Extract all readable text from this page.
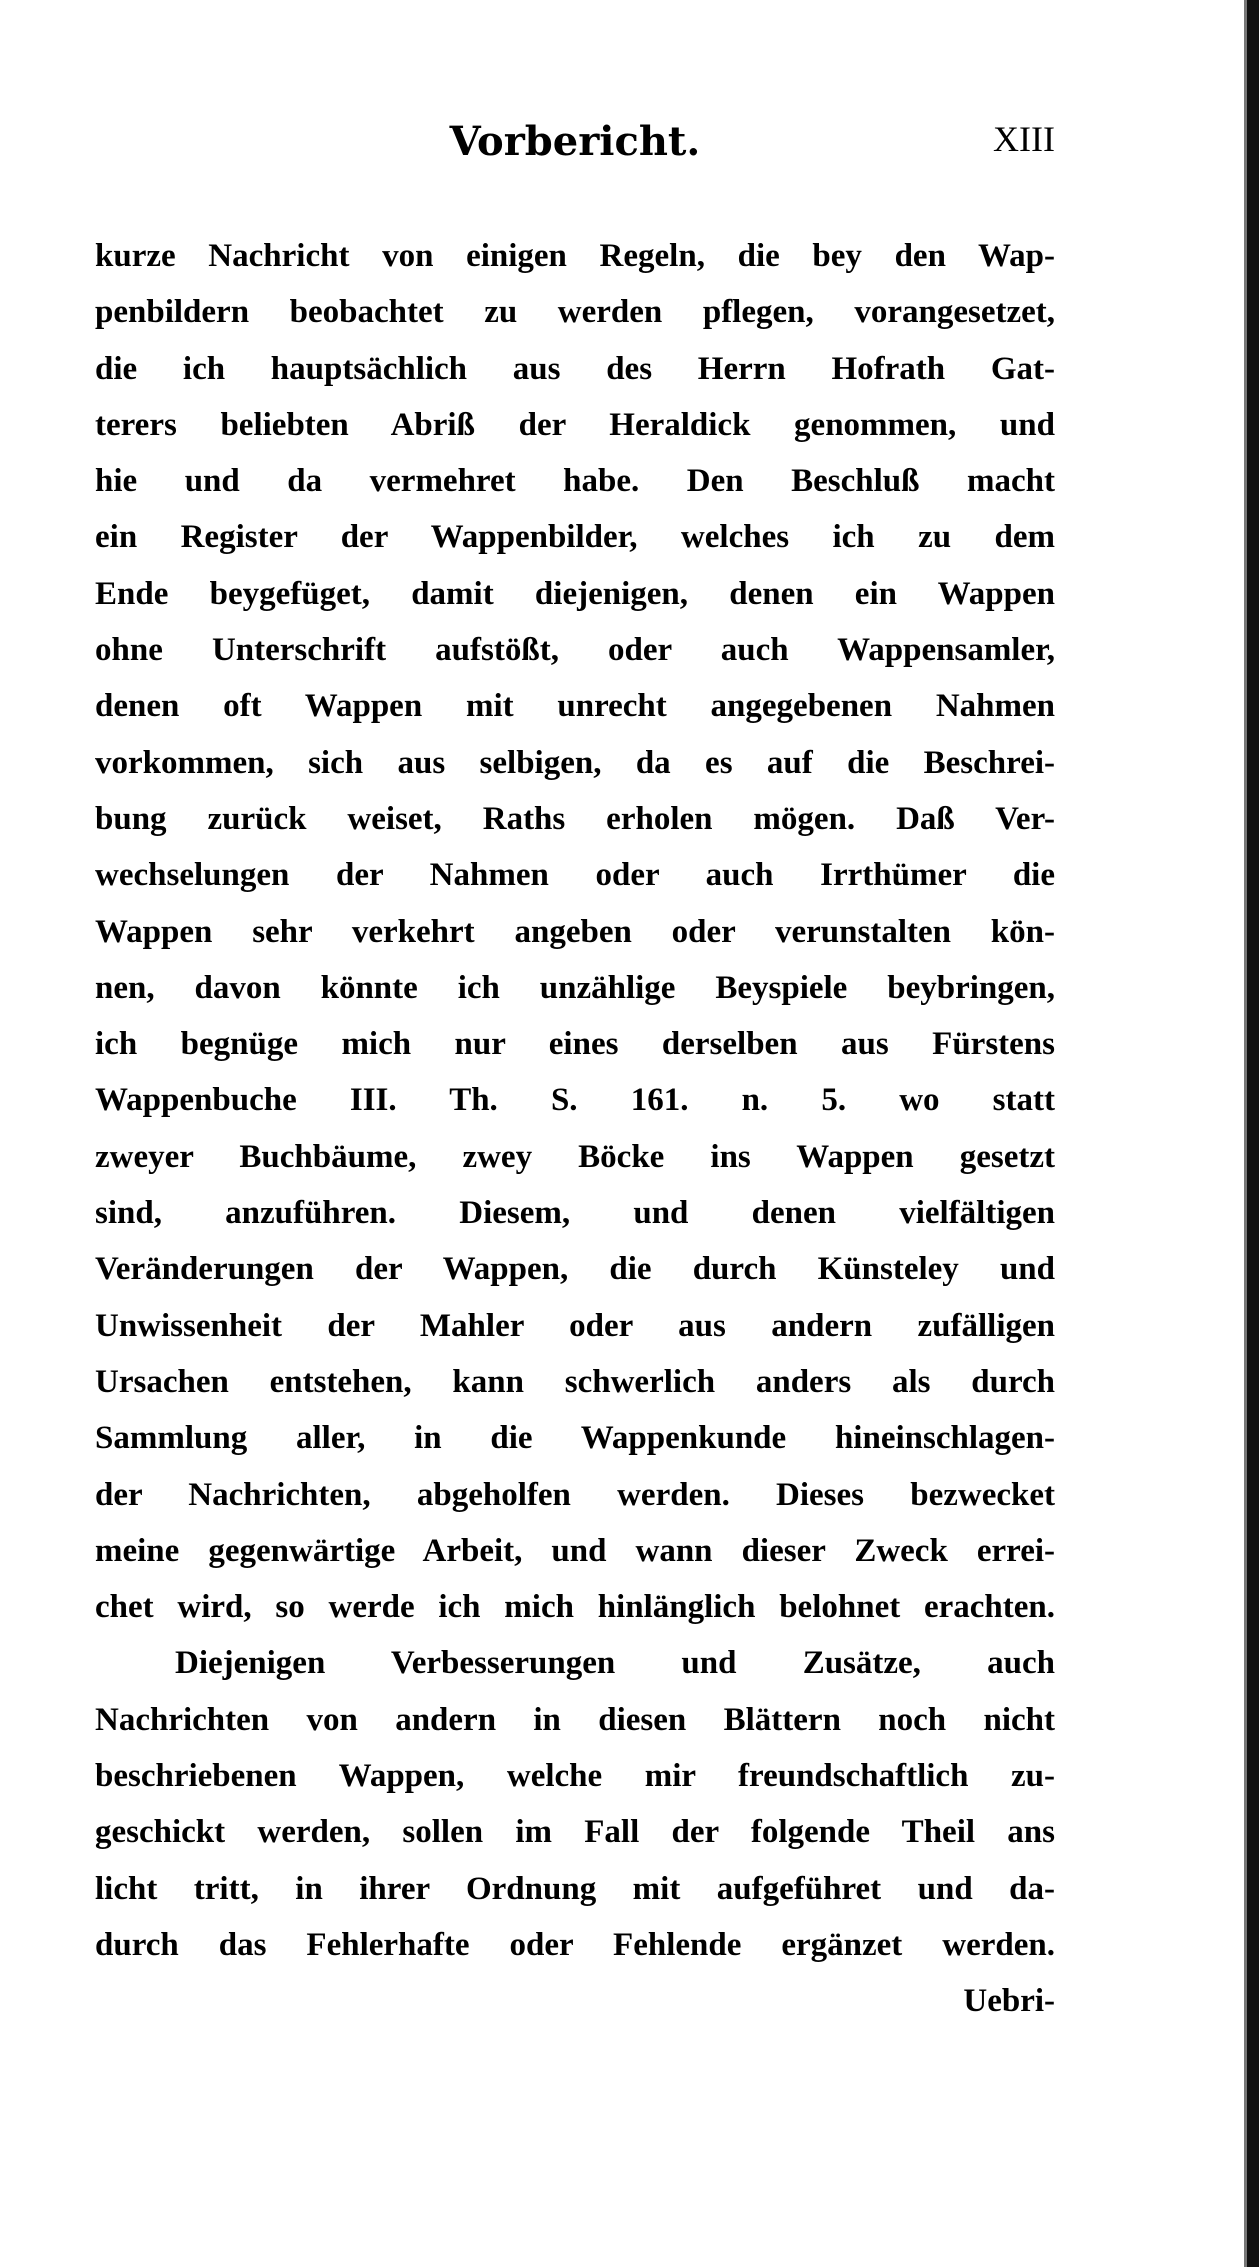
Vorbericht.	XIII
kurze Nachricht von einigen Regeln, die bey den Wap-
penbildern beobachtet zu werden pflegen, vorangesetzet,
die ich hauptsächlich aus des Herrn Hofrath Gat-
terers beliebten Abriß der Heraldick genommen, und
hie und da vermehret habe. Den Beschluß macht
ein Register der Wappenbilder, welches ich zu dem
Ende beygefüget, damit diejenigen, denen ein Wappen
ohne Unterschrift aufstößt, oder auch Wappensamler,
denen oft Wappen mit unrecht angegebenen Nahmen
vorkommen, sich aus selbigen, da es auf die Beschrei-
bung zurück weiset, Raths erholen mögen. Daß Ver-
wechselungen der Nahmen oder auch Irrthümer die
Wappen sehr verkehrt angeben oder verunstalten kön-
nen, davon könnte ich unzählige Beyspiele beybringen,
ich begnüge mich nur eines derselben aus Fürstens
Wappenbuche III. Th. S. 161. n. 5. wo statt
zweyer Buchbäume, zwey Böcke ins Wappen gesetzt
sind, anzuführen. Diesem, und denen vielfältigen
Veränderungen der Wappen, die durch Künsteley und
Unwissenheit der Mahler oder aus andern zufälligen
Ursachen entstehen, kann schwerlich anders als durch
Sammlung aller, in die Wappenkunde hineinschlagen-
der Nachrichten, abgeholfen werden. Dieses bezwecket
meine gegenwärtige Arbeit, und wann dieser Zweck errei-
chet wird, so werde ich mich hinlänglich belohnet erachten.
Diejenigen Verbesserungen und Zusätze, auch
Nachrichten von andern in diesen Blättern noch nicht
beschriebenen Wappen, welche mir freundschaftlich zu-
geschickt werden, sollen im Fall der folgende Theil ans
licht tritt, in ihrer Ordnung mit aufgeführet und da-
durch das Fehlerhafte oder Fehlende ergänzet werden.
Uebri-
